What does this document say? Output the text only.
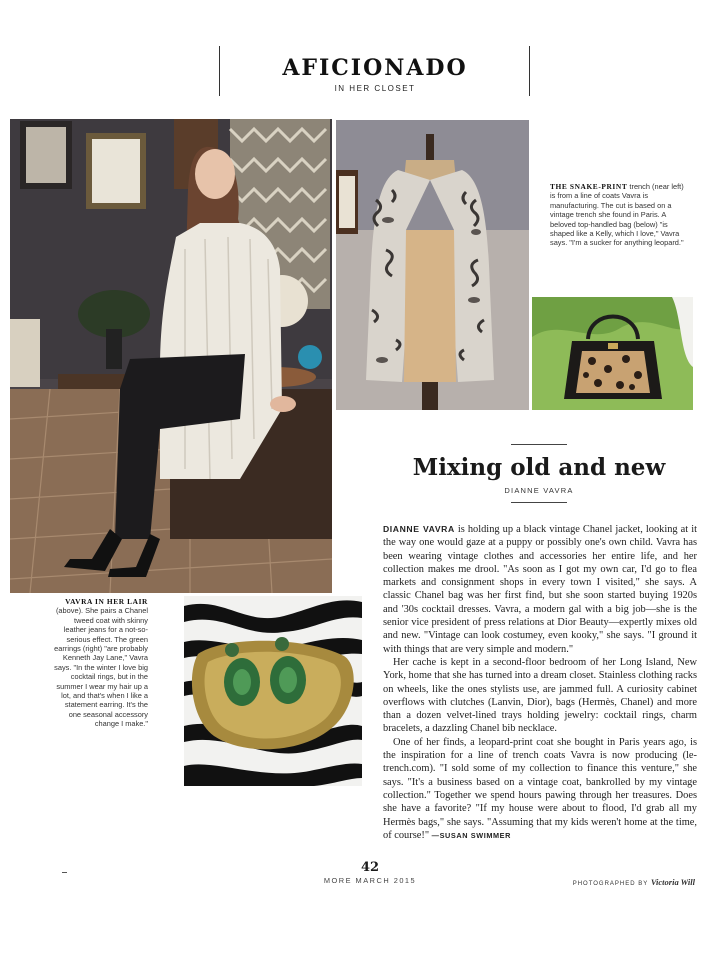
AFICIONADO
IN HER CLOSET
THE SNAKE-PRINT trench (near left) is from a line of coats Vavra is manufacturing. The cut is based on a vintage trench she found in Paris. A beloved top-handled bag (below) "is shaped like a Kelly, which I love," Vavra says. "I'm a sucker for anything leopard."
VAVRA IN HER LAIR (above). She pairs a Chanel tweed coat with skinny leather jeans for a not-so-serious effect. The green earrings (right) "are probably Kenneth Jay Lane," Vavra says. "In the winter I love big cocktail rings, but in the summer I wear my hair up a lot, and that's when I like a statement earring. It's the one seasonal accessory change I make."
Mixing old and new
DIANNE VAVRA

DIANNE VAVRA is holding up a black vintage Chanel jacket, looking at it the way one would gaze at a puppy or possibly one's own child. Vavra has been wearing vintage clothes and accessories her entire life, and her collection makes me drool. "As soon as I got my own car, I'd go to flea markets and consignment shops in every town I visited," she says. A classic Chanel bag was her first find, but she soon started buying 1920s and '30s cocktail dresses. Vavra, a modern gal with a big job—she is the senior vice president of press relations at Dior Beauty—expertly mixes old and new. "Vintage can look costumey, even kooky," she says. "I ground it with things that are very simple and modern."

Her cache is kept in a second-floor bedroom of her Long Island, New York, home that she has turned into a dream closet. Stainless clothing racks on wheels, like the ones stylists use, are jammed full. A curiosity cabinet overflows with clutches (Lanvin, Dior), bags (Hermès, Chanel) and more than a dozen velvet-lined trays holding jewelry: cocktail rings, charm bracelets, a dazzling Chanel bib necklace.

One of her finds, a leopard-print coat she bought in Paris years ago, is the inspiration for a line of trench coats Vavra is now producing (le-trench.com). "I sold some of my collection to finance this venture," she says. "It's a business based on a vintage coat, bankrolled by my vintage collection." Together we spend hours pawing through her treasures. Does she have a favorite? "If my house were about to flood, I'd grab all my Hermès bags," she says. "Assuming that my kids weren't home at the time, of course!" —SUSAN SWIMMER

42
MORE MARCH 2015	PHOTOGRAPHED BY Victoria Will
